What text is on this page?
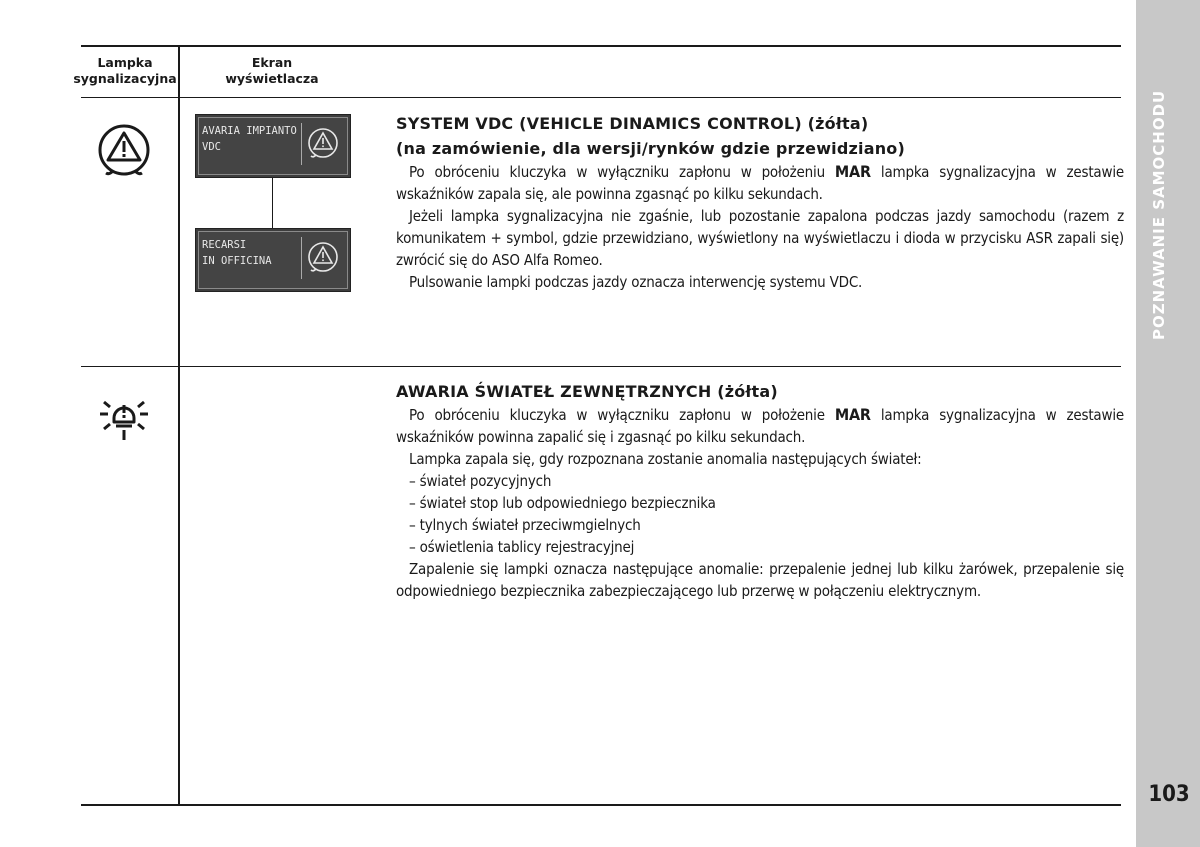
POZNAWANIE SAMOCHODU
103
Lampka
sygnalizacyjna
Ekran
wyświetlacza
AVARIA IMPIANTO
VDC
RECARSI
IN OFFICINA
SYSTEM VDC (VEHICLE DINAMICS CONTROL) (żółta)
(na zamówienie, dla wersji/rynków gdzie przewidziano)

Po obróceniu kluczyka w wyłączniku zapłonu w położeniu MAR lampka sygnalizacyjna w zestawie wskaźników zapala się, ale powinna zgasnąć po kilku sekundach.

Jeżeli lampka sygnalizacyjna nie zgaśnie, lub pozostanie zapalona podczas jazdy samochodu (razem z komunikatem + symbol, gdzie przewidziano, wyświetlony na wyświetlaczu i dioda w przycisku ASR zapali się) zwrócić się do ASO Alfa Romeo.

Pulsowanie lampki podczas jazdy oznacza interwencję systemu VDC.

AWARIA ŚWIATEŁ ZEWNĘTRZNYCH (żółta)

Po obróceniu kluczyka w wyłączniku zapłonu w położenie MAR lampka sygnalizacyjna w zestawie wskaźników powinna zapalić się i zgasnąć po kilku sekundach.

Lampka zapala się, gdy rozpoznana zostanie anomalia następujących świateł:

– świateł pozycyjnych

– świateł stop lub odpowiedniego bezpiecznika

– tylnych świateł przeciwmgielnych

– oświetlenia tablicy rejestracyjnej

Zapalenie się lampki oznacza następujące anomalie: przepalenie jednej lub kilku żarówek, przepalenie się odpowiedniego bezpiecznika zabezpieczającego lub przerwę w połączeniu elektrycznym.
